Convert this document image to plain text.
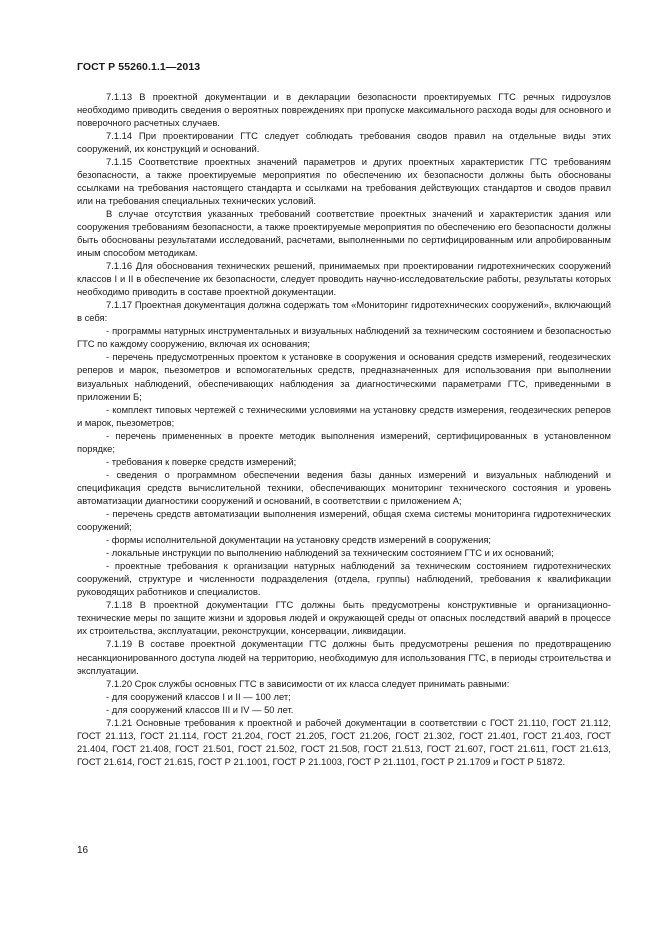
ГОСТ Р 55260.1.1—2013

7.1.13 В проектной документации и в декларации безопасности проектируемых ГТС речных гидроузлов необходимо приводить сведения о вероятных повреждениях при пропуске максимального расхода воды для основного и поверочного расчетных случаев.

7.1.14 При проектировании ГТС следует соблюдать требования сводов правил на отдельные виды этих сооружений, их конструкций и оснований.

7.1.15 Соответствие проектных значений параметров и других проектных характеристик ГТС требованиям безопасности, а также проектируемые мероприятия по обеспечению их безопасности должны быть обоснованы ссылками на требования настоящего стандарта и ссылками на требования действующих стандартов и сводов правил или на требования специальных технических условий.

В случае отсутствия указанных требований соответствие проектных значений и характеристик здания или сооружения требованиям безопасности, а также проектируемые мероприятия по обеспечению его безопасности должны быть обоснованы результатами исследований, расчетами, выполненными по сертифицированным или апробированным иным способом методикам.

7.1.16 Для обоснования технических решений, принимаемых при проектировании гидротехнических сооружений классов I и II в обеспечение их безопасности, следует проводить научно-исследовательские работы, результаты которых необходимо приводить в составе проектной документации.

7.1.17 Проектная документация должна содержать том «Мониторинг гидротехнических сооружений», включающий в себя:

- программы натурных инструментальных и визуальных наблюдений за техническим состоянием и безопасностью ГТС по каждому сооружению, включая их основания;

- перечень предусмотренных проектом к установке в сооружения и основания средств измерений, геодезических реперов и марок, пьезометров и вспомогательных средств, предназначенных для использования при выполнении визуальных наблюдений, обеспечивающих наблюдения за диагностическими параметрами ГТС, приведенными в приложении Б;

- комплект типовых чертежей с техническими условиями на установку средств измерения, геодезических реперов и марок, пьезометров;

- перечень примененных в проекте методик выполнения измерений, сертифицированных в установленном порядке;

- требования к поверке средств измерений;

- сведения о программном обеспечении ведения базы данных измерений и визуальных наблюдений и спецификация средств вычислительной техники, обеспечивающих мониторинг технического состояния и уровень автоматизации диагностики сооружений и оснований, в соответствии с приложением А;

- перечень средств автоматизации выполнения измерений, общая схема системы мониторинга гидротехнических сооружений;

- формы исполнительной документации на установку средств измерений в сооружения;

- локальные инструкции по выполнению наблюдений за техническим состоянием ГТС и их оснований;

- проектные требования к организации натурных наблюдений за техническим состоянием гидротехнических сооружений, структуре и численности подразделения (отдела, группы) наблюдений, требования к квалификации руководящих работников и специалистов.

7.1.18 В проектной документации ГТС должны быть предусмотрены конструктивные и организационно-технические меры по защите жизни и здоровья людей и окружающей среды от опасных последствий аварий в процессе их строительства, эксплуатации, реконструкции, консервации, ликвидации.

7.1.19 В составе проектной документации ГТС должны быть предусмотрены решения по предотвращению несанкционированного доступа людей на территорию, необходимую для использования ГТС, в периоды строительства и эксплуатации.

7.1.20 Срок службы основных ГТС в зависимости от их класса следует принимать равными:

- для сооружений классов I и II — 100 лет;

- для сооружений классов III и IV — 50 лет.

7.1.21 Основные требования к проектной и рабочей документации в соответствии с ГОСТ 21.110, ГОСТ 21.112, ГОСТ 21.113, ГОСТ 21.114, ГОСТ 21.204, ГОСТ 21.205, ГОСТ 21.206, ГОСТ 21.302, ГОСТ 21.401, ГОСТ 21.403, ГОСТ 21.404, ГОСТ 21.408, ГОСТ 21.501, ГОСТ 21.502, ГОСТ 21.508, ГОСТ 21.513, ГОСТ 21.607, ГОСТ 21.611, ГОСТ 21.613, ГОСТ 21.614, ГОСТ 21.615, ГОСТ Р 21.1001, ГОСТ Р 21.1003, ГОСТ Р 21.1101, ГОСТ Р 21.1709 и ГОСТ Р 51872.

16
